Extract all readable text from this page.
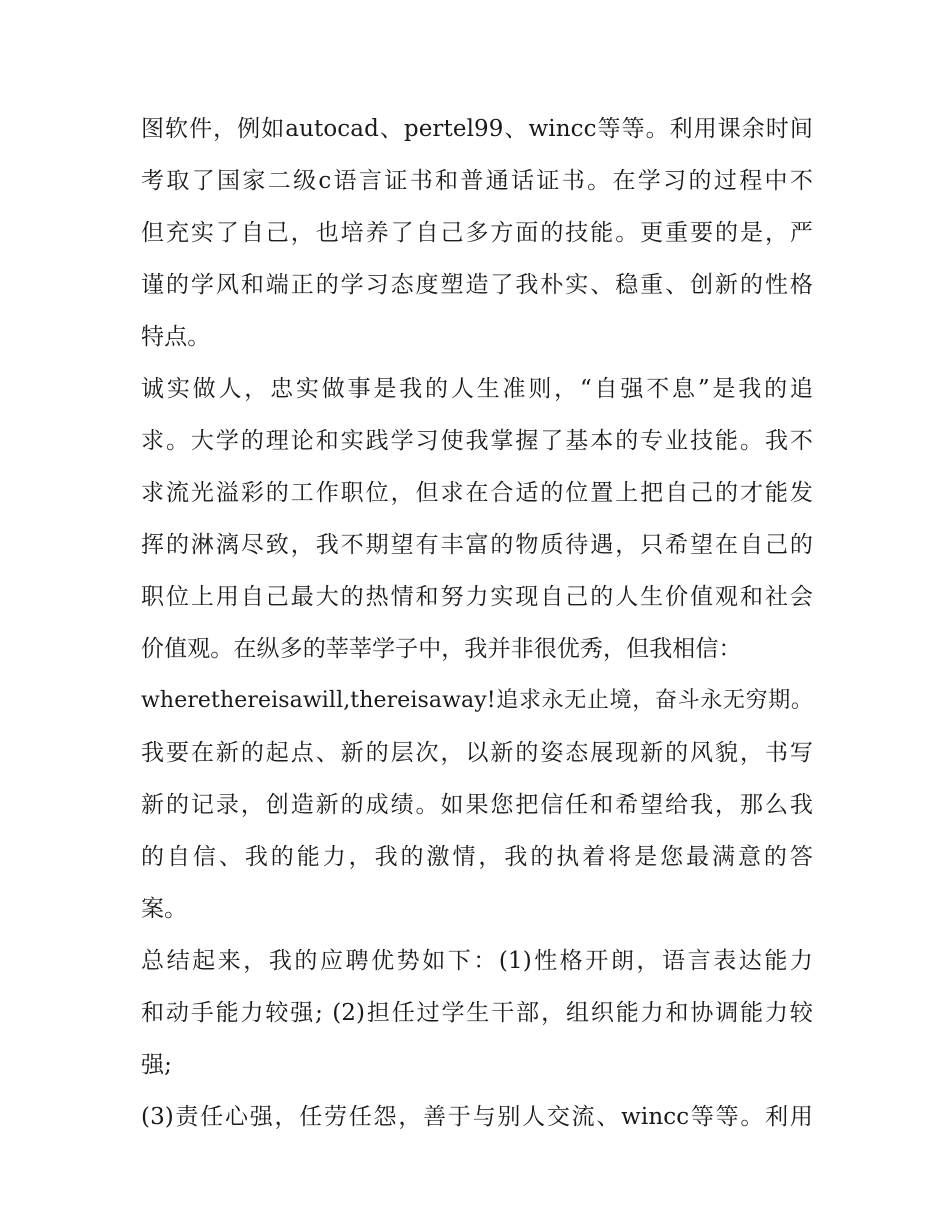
图软件，例如autocad、pertel99、wincc等等。利用课余时间
考取了国家二级c语言证书和普通话证书。在学习的过程中不
但充实了自己，也培养了自己多方面的技能。更重要的是，严
谨的学风和端正的学习态度塑造了我朴实、稳重、创新的性格
特点。
诚实做人，忠实做事是我的人生准则，“自强不息”是我的追
求。大学的理论和实践学习使我掌握了基本的专业技能。我不
求流光溢彩的工作职位，但求在合适的位置上把自己的才能发
挥的淋漓尽致，我不期望有丰富的物质待遇，只希望在自己的
职位上用自己最大的热情和努力实现自己的人生价值观和社会
价值观。在纵多的莘莘学子中，我并非很优秀，但我相信：
wherethereisawill,thereisaway!追求永无止境，奋斗永无穷期。
我要在新的起点、新的层次，以新的姿态展现新的风貌，书写
新的记录，创造新的成绩。如果您把信任和希望给我，那么我
的自信、我的能力，我的激情，我的执着将是您最满意的答
案。
总结起来，我的应聘优势如下：(1)性格开朗，语言表达能力
和动手能力较强; (2)担任过学生干部，组织能力和协调能力较
强;
(3)责任心强，任劳任怨，善于与别人交流、wincc等等。利用
